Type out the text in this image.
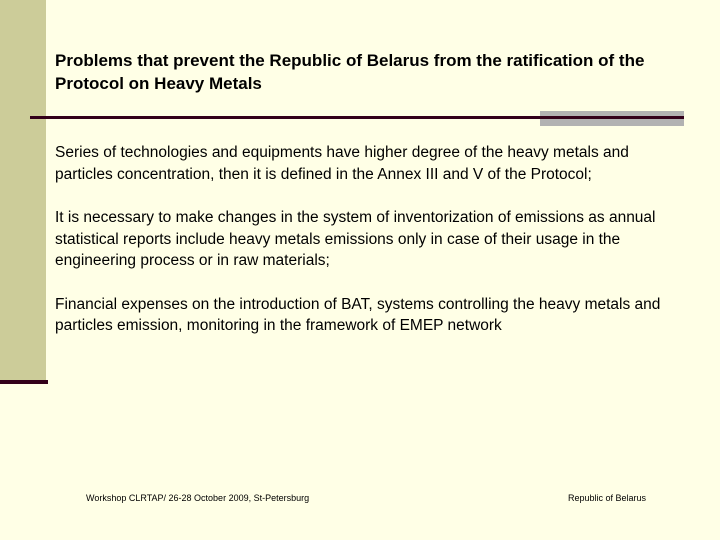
Problems that prevent the Republic of Belarus from the ratification of the Protocol on Heavy Metals

Series of technologies and equipments have higher degree of the heavy metals and particles concentration, then it is defined in the Annex III and V of the Protocol;

It is necessary to make changes in the system of inventorization of emissions as annual statistical reports include heavy metals emissions only in case of their usage in the engineering process or in raw materials;

Financial expenses on the introduction of BAT, systems controlling the heavy metals and particles emission, monitoring in the framework of EMEP network

Workshop CLRTAP/ 26-28 October 2009, St-Petersburg	Republic of Belarus
